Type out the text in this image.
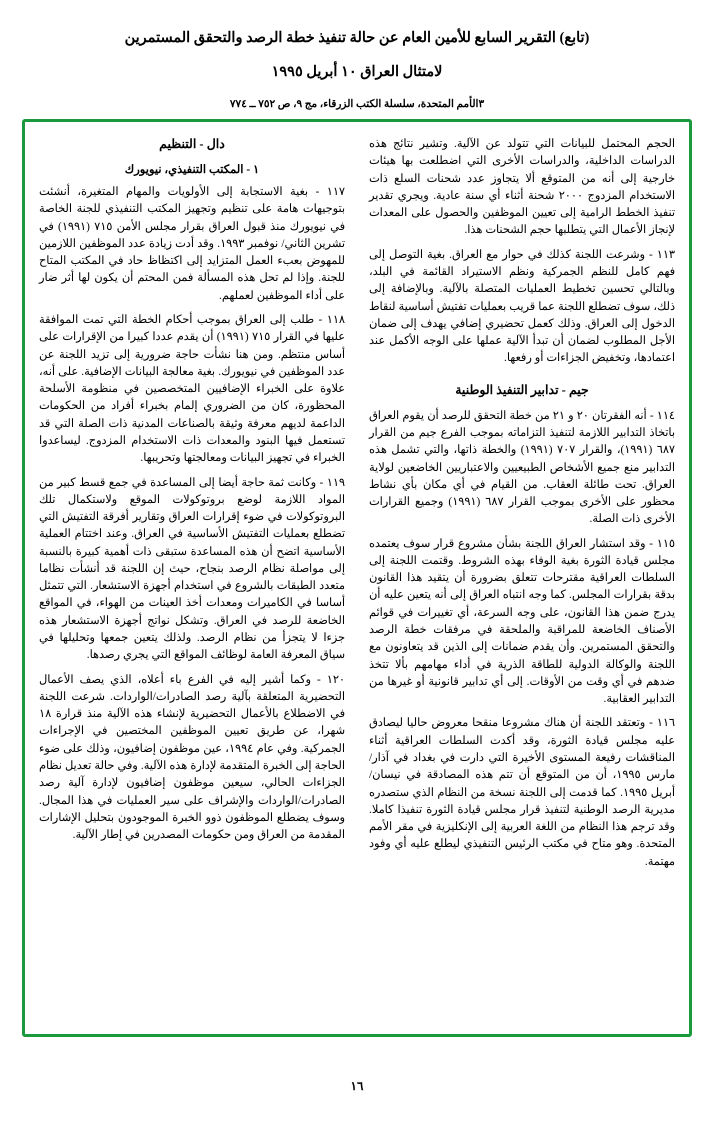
(تابع) التقرير السابع للأمين العام عن حالة تنفيذ خطة الرصد والتحقق المستمرين
لامتثال العراق ١٠ أبريل ١٩٩٥
٣الأمم المتحدة، سلسلة الكتب الزرقاء، مج ٩، ص ٧٥٢ ــ ٧٧٤

الحجم المحتمل للبيانات التي تتولد عن الآلية. وتشير نتائج هذه الدراسات الداخلية، والدراسات الأخرى التي اضطلعت بها هيئات خارجية إلى أنه من المتوقع ألا يتجاوز عدد شحنات السلع ذات الاستخدام المزدوج ٢٠٠٠ شحنة أثناء أي سنة عادية. ويجري تقدير تنفيذ الخطط الرامية إلى تعيين الموظفين والحصول على المعدات لإنجاز الأعمال التي يتطلبها حجم الشحنات هذا.

١١٣ - وشرعت اللجنة كذلك في حوار مع العراق. بغية التوصل إلى فهم كامل للنظم الجمركية ونظم الاستيراد القائمة في البلد، وبالتالي تحسين تخطيط العمليات المتصلة بالآلية. وبالإضافة إلى ذلك، سوف تضطلع اللجنة عما قريب بعمليات تفتيش أساسية لنقاط الدخول إلى العراق. وذلك كعمل تحضيري إضافي يهدف إلى ضمان الأجل المطلوب لضمان أن تبدأ الآلية عملها على الوجه الأكمل عند اعتمادها، وتخفيض الجزاءات أو رفعها.

جيم - تدابير التنفيذ الوطنية

١١٤ - أنه الفقرتان ٢٠ و ٢١ من خطة التحقق للرصد أن يقوم العراق باتخاذ التدابير اللازمة لتنفيذ التزاماته بموجب الفرع جيم من القرار ٦٨٧ (١٩٩١)، والقرار ٧٠٧ (١٩٩١) والخطة ذاتها، والتي تشمل هذه التدابير منع جميع الأشخاص الطبيعيين والاعتباريين الخاضعين لولاية العراق. تحت طائلة العقاب. من القيام في أي مكان بأي نشاط محظور على الأخرى بموجب القرار ٦٨٧ (١٩٩١) وجميع القرارات الأخرى ذات الصلة.

١١٥ - وقد استشار العراق اللجنة بشأن مشروع قرار سوف يعتمده مجلس قيادة الثورة بغية الوفاء بهذه الشروط. وقتمت اللجنة إلى السلطات العراقية مقترحات تتعلق بضرورة أن يتقيد هذا القانون بدقة بقرارات المجلس. كما وجه انتباه العراق إلى أنه يتعين عليه أن يدرج ضمن هذا القانون، على وجه السرعة، أي تغييرات في قوائم الأصناف الخاضعة للمراقبة والملحقة في مرفقات خطة الرصد والتحقق المستمرين. وأن يقدم ضمانات إلى الذين قد يتعاونون مع اللجنة والوكالة الدولية للطاقة الذرية في أداء مهامهم بألا تتخذ ضدهم في أي وقت من الأوقات. إلى أي تدابير قانونية أو غيرها من التدابير العقابية.

١١٦ - وتعتقد اللجنة أن هناك مشروعا منقحا معروض حاليا ليصادق عليه مجلس قيادة الثورة، وقد أكدت السلطات العراقية أثناء المناقشات رفيعة المستوى الأخيرة التي دارت في بغداد في آذار/ مارس ١٩٩٥، أن من المتوقع أن تتم هذه المصادقة في نيسان/ أبريل ١٩٩٥. كما قدمت إلى اللجنة نسخة من النظام الذي ستصدره مديرية الرصد الوطنية لتنفيذ قرار مجلس قيادة الثورة تنفيذا كاملا. وقد ترجم هذا النظام من اللغة العربية إلى الإنكليزية في مقر الأمم المتحدة. وهو متاح في مكتب الرئيس التنفيذي ليطلع عليه أي وفود مهتمة.

دال - التنظيم
١ - المكتب التنفيذي، نيويورك

١١٧ - بغية الاستجابة إلى الأولويات والمهام المتغيرة، أنشئت بتوجيهات هامة على تنظيم وتجهيز المكتب التنفيذي للجنة الخاصة في نيويورك منذ قبول العراق بقرار مجلس الأمن ٧١٥ (١٩٩١) في تشرين الثاني/ نوفمبر ١٩٩٣. وقد أدت زيادة عدد الموظفين اللازمين للمهوض بعبء العمل المتزايد إلى اكتظاظ حاد في المكتب المتاح للجنة. وإذا لم تحل هذه المسألة فمن المحتم أن يكون لها أثر ضار على أداء الموظفين لعملهم.

١١٨ - طلب إلى العراق بموجب أحكام الخطة التي تمت الموافقة عليها في القرار ٧١٥ (١٩٩١) أن يقدم عددا كبيرا من الإقرارات على أساس منتظم. ومن هنا نشأت حاجة ضرورية إلى تزيد اللجنة عن عدد الموظفين في نيويورك. بغية معالجة البيانات الإضافية. على أنه، علاوة على الخبراء الإضافيين المتخصصين في منظومة الأسلحة المحظورة، كان من الضروري إلمام بخبراء أفراد من الحكومات الداعمة لديهم معرفة وثيقة بالصناعات المدنية ذات الصلة التي قد تستعمل فيها البنود والمعدات ذات الاستخدام المزدوج. ليساعدوا الخبراء في تجهيز البيانات ومعالجتها وتحريبها.

١١٩ - وكانت ثمة حاجة أيضا إلى المساعدة في جمع قسط كبير من المواد اللازمة لوضع بروتوكولات الموقع ولاستكمال تلك البروتوكولات في ضوء إقرارات العراق وتقارير أفرقة التفتيش التي تضطلع بعمليات التفتيش الأساسية في العراق. وعند اختتام العملية الأساسية اتضح أن هذه المساعدة ستبقى ذات أهمية كبيرة بالنسبة إلى مواصلة نظام الرصد بنجاح، حيث إن اللجنة قد أنشأت نظاما متعدد الطبقات بالشروع في استخدام أجهزة الاستشعار. التي تتمثل أساسا في الكاميرات ومعدات أخذ العينات من الهواء، في المواقع الخاضعة للرصد في العراق. وتشكل نواتج أجهزة الاستشعار هذه جزءا لا يتجزأ من نظام الرصد. ولذلك يتعين جمعها وتحليلها في سياق المعرفة العامة لوظائف المواقع التي يجري رصدها.

١٢٠ - وكما أشير إليه في الفرع باء أعلاه، الذي يصف الأعمال التحضيرية المتعلقة بآلية رصد الصادرات/الواردات. شرعت اللجنة في الاضطلاع بالأعمال التحضيرية لإنشاء هذه الآلية منذ قرارة ١٨ شهرا، عن طريق تعيين الموظفين المختصين في الإجراءات الجمركية. وفي عام ١٩٩٤، عين موظفون إضافيون، وذلك على ضوء الحاجة إلى الخبرة المتقدمة لإدارة هذه الآلية. وفي حالة تعديل نظام الجزاءات الحالي، سيعين موظفون إضافيون لإدارة آلية رصد الصادرات/الواردات والإشراف على سير العمليات في هذا المجال. وسوف يضطلع الموظفون ذوو الخبرة الموجودون بتحليل الإشارات المقدمة من العراق ومن حكومات المصدرين في إطار الآلية.

١٦
